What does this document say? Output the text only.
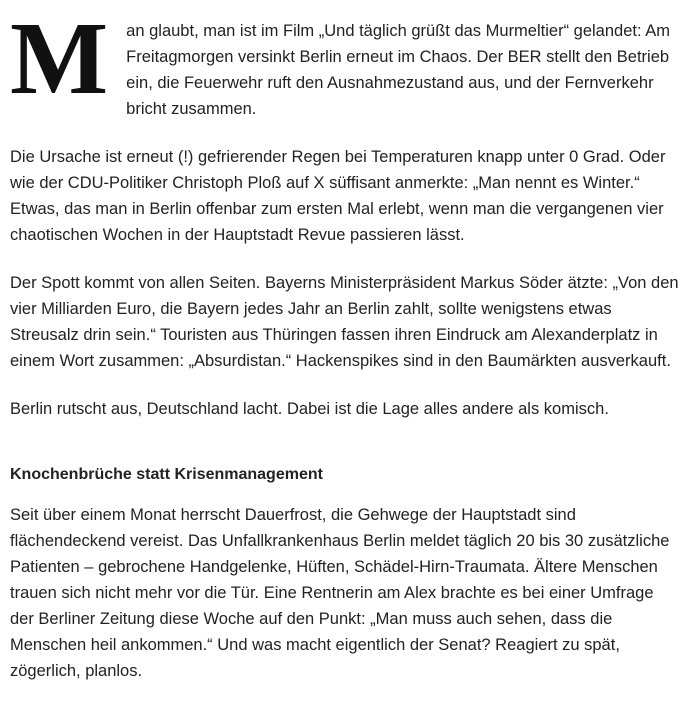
M an glaubt, man ist im Film „Und täglich grüßt das Murmeltier“ gelandet: Am Freitagmorgen versinkt Berlin erneut im Chaos. Der BER stellt den Betrieb ein, die Feuerwehr ruft den Ausnahmezustand aus, und der Fernverkehr bricht zusammen.

Die Ursache ist erneut (!) gefrierender Regen bei Temperaturen knapp unter 0 Grad. Oder wie der CDU-Politiker Christoph Ploß auf X süffisant anmerkte: „Man nennt es Winter.“ Etwas, das man in Berlin offenbar zum ersten Mal erlebt, wenn man die vergangenen vier chaotischen Wochen in der Hauptstadt Revue passieren lässt.

Der Spott kommt von allen Seiten. Bayerns Ministerpräsident Markus Söder ätzte: „Von den vier Milliarden Euro, die Bayern jedes Jahr an Berlin zahlt, sollte wenigstens etwas Streusalz drin sein.“ Touristen aus Thüringen fassen ihren Eindruck am Alexanderplatz in einem Wort zusammen: „Absurdistan.“ Hackenspikes sind in den Baumärkten ausverkauft.

Berlin rutscht aus, Deutschland lacht. Dabei ist die Lage alles andere als komisch.

Knochenbrüche statt Krisenmanagement

Seit über einem Monat herrscht Dauerfrost, die Gehwege der Hauptstadt sind flächendeckend vereist. Das Unfallkrankenhaus Berlin meldet täglich 20 bis 30 zusätzliche Patienten – gebrochene Handgelenke, Hüften, Schädel-Hirn-Traumata. Ältere Menschen trauen sich nicht mehr vor die Tür. Eine Rentnerin am Alex brachte es bei einer Umfrage der Berliner Zeitung diese Woche auf den Punkt: „Man muss auch sehen, dass die Menschen heil ankommen.“ Und was macht eigentlich der Senat? Reagiert zu spät, zögerlich, planlos.
